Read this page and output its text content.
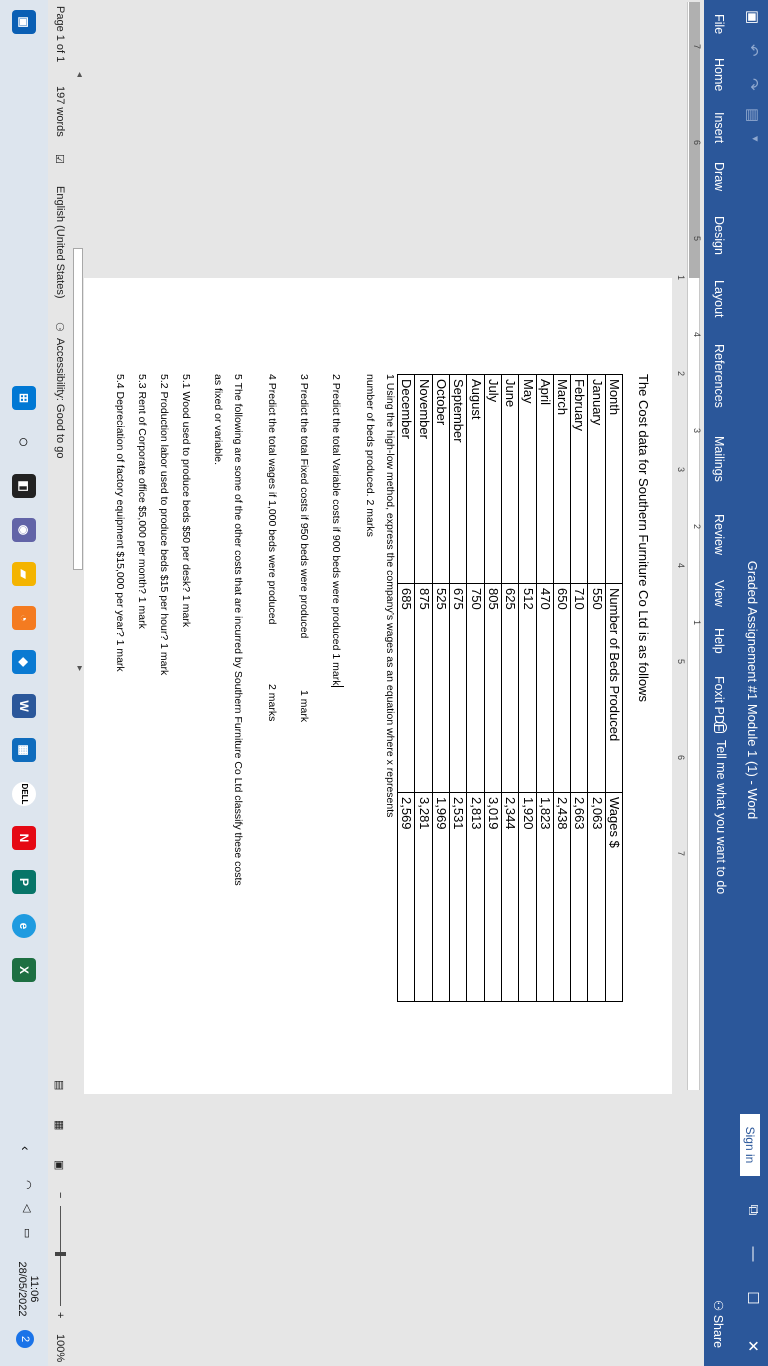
▣
↶
↷
▤
▾
Graded Assignement #1 Module 1 (1) - Word
Sign in
⧉
—
☐
✕
File
Home
Insert
Draw
Design
Layout
References
Mailings
Review
View
Help
Foxit PDF
Tell me what you want to do
⚇ Share
7
6
5
4
3
2
1
1
2
3
4
5
6
7
The Cost data for Southern Furniture Co Ltd is as follows
Month	Number of Beds Produced	Wages $
January	550	2,063
February	710	2,663
March	650	2,438
April	470	1,823
May	512	1,920
June	625	2,344
July	805	3,019
August	750	2,813
September	675	2,531
October	525	1,969
November	875	3,281
December	685	2,569
1 Using the high-low method, express the company’s wages as an equation where x represents
number of beds produced. 2 marks
2 Predict the total Variable costs if 900 beds were produced 1 mark
3 Predict the total Fixed costs if 950 beds were produced
1 mark
4 Predict the total wages if 1,000 beds were produced
2 marks
5 The following are some of the other costs that are incurred by Southern Furniture Co Ltd classify these costs
as fixed or variable.
5.1 Wood used to produce beds $50 per desk? 1 mark
5.2 Production labor used to produce beds $15 per hour? 1 mark
5.3 Rent of Corporate office $5,000 per month? 1 mark
5.4 Depreciation of factory equipment $15,000 per year? 1 mark
◂
▸
Page 1 of 1
197 words
☑
English (United States)
⚆
Accessibility: Good to go
▤
▦
▣
−
+
100%
▣
⊞
○
◧
◉
▰
◔
◆
W
▦
DELL
N
P
e
X
‹
◠
◁
▭
11:06
28/05/2022
2
